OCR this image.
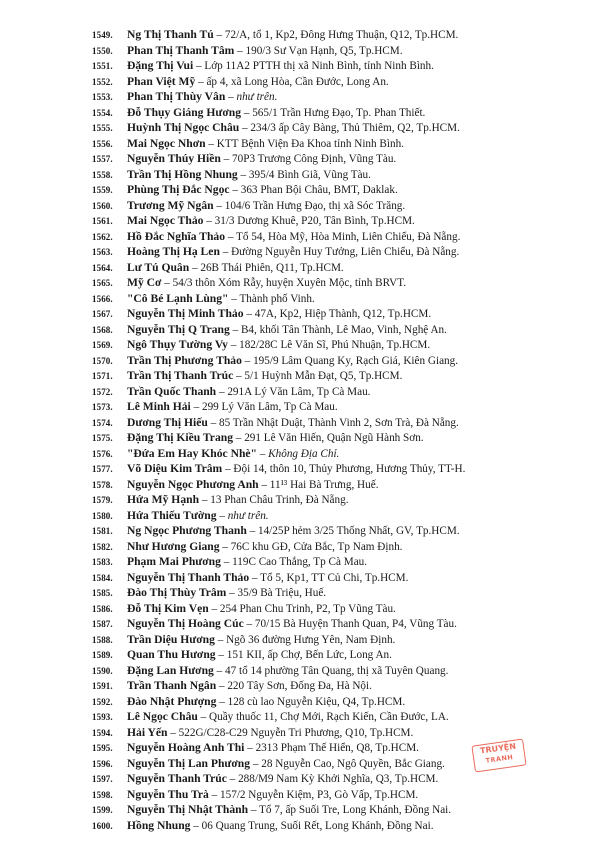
1549.	Ng Thị Thanh Tú – 72/A, tổ 1, Kp2, Đông Hưng Thuận, Q12, Tp.HCM.
1550.	Phan Thị Thanh Tâm – 190/3 Sư Vạn Hạnh, Q5, Tp.HCM.
1551.	Đặng Thị Vui – Lớp 11A2 PTTH thị xã Ninh Bình, tỉnh Ninh Bình.
1552.	Phan Việt Mỹ – ấp 4, xã Long Hòa, Cần Đước, Long An.
1553.	Phan Thị Thùy Vân – như trên.
1554.	Đỗ Thụy Giáng Hương – 565/1 Trần Hưng Đạo, Tp. Phan Thiết.
1555.	Huỳnh Thị Ngọc Châu – 234/3 ấp Cây Bàng, Thủ Thiêm, Q2, Tp.HCM.
1556.	Mai Ngọc Nhơn – KTT Bệnh Viện Đa Khoa tỉnh Ninh Bình.
1557.	Nguyễn Thúy Hiền – 70P3 Trương Công Định, Vũng Tàu.
1558.	Trần Thị Hồng Nhung – 395/4 Bình Giã, Vũng Tàu.
1559.	Phùng Thị Đắc Ngọc – 363 Phan Bội Châu, BMT, Daklak.
1560.	Trương Mỹ Ngân – 104/6 Trần Hưng Đạo, thị xã Sóc Trăng.
1561.	Mai Ngọc Thảo – 31/3 Dương Khuê, P20, Tân Bình, Tp.HCM.
1562.	Hồ Đắc Nghĩa Thảo – Tổ 54, Hòa Mỹ, Hòa Minh, Liên Chiểu, Đà Nẵng.
1563.	Hoàng Thị Hạ Len – Đường Nguyễn Huy Tưởng, Liên Chiểu, Đà Nẵng.
1564.	Lư Tú Quân – 26B Thái Phiên, Q11, Tp.HCM.
1565.	Mỹ Cơ – 54/3 thôn Xóm Rẫy, huyện Xuyên Mộc, tỉnh BRVT.
1566.	"Cô Bé Lạnh Lùng" – Thành phố Vinh.
1567.	Nguyễn Thị Minh Thảo – 47A, Kp2, Hiệp Thành, Q12, Tp.HCM.
1568.	Nguyễn Thị Q Trang – B4, khối Tân Thành, Lê Mao, Vinh, Nghệ An.
1569.	Ngô Thụy Tường Vy – 182/28C Lê Văn Sĩ, Phú Nhuận, Tp.HCM.
1570.	Trần Thị Phương Thảo – 195/9 Lâm Quang Ky, Rạch Giá, Kiên Giang.
1571.	Trần Thị Thanh Trúc – 5/1 Huỳnh Mẫn Đạt, Q5, Tp.HCM.
1572.	Trần Quốc Thanh – 291A Lý Văn Lâm, Tp Cà Mau.
1573.	Lê Minh Hải – 299 Lý Văn Lâm, Tp Cà Mau.
1574.	Dương Thị Hiếu – 85 Trần Nhật Duật, Thành Vinh 2, Sơn Trà, Đà Nẵng.
1575.	Đặng Thị Kiều Trang – 291 Lê Văn Hiến, Quận Ngũ Hành Sơn.
1576.	"Đứa Em Hay Khóc Nhè" – Không Địa Chỉ.
1577.	Võ Diệu Kim Trâm – Đội 14, thôn 10, Thủy Phương, Hương Thủy, TT-H.
1578.	Nguyễn Ngọc Phương Anh – 11¹³ Hai Bà Trưng, Huế.
1579.	Hứa Mỹ Hạnh – 13 Phan Châu Trinh, Đà Nẵng.
1580.	Hứa Thiếu Tường – như trên.
1581.	Ng Ngọc Phương Thanh – 14/25P hẻm 3/25 Thống Nhất, GV, Tp.HCM.
1582.	Như Hương Giang – 76C khu GĐ, Cửa Bắc, Tp Nam Định.
1583.	Phạm Mai Phương – 119C Cao Thắng, Tp Cà Mau.
1584.	Nguyễn Thị Thanh Thảo – Tổ 5, Kp1, TT Củ Chi, Tp.HCM.
1585.	Đào Thị Thùy Trâm – 35/9 Bà Triệu, Huế.
1586.	Đỗ Thị Kim Vẹn – 254 Phan Chu Trinh, P2, Tp Vũng Tàu.
1587.	Nguyễn Thị Hoàng Cúc – 70/15 Bà Huyện Thanh Quan, P4, Vũng Tàu.
1588.	Trần Diệu Hương – Ngõ 36 đường Hưng Yên, Nam Định.
1589.	Quan Thu Hương – 151 KII, ấp Chợ, Bến Lức, Long An.
1590.	Đặng Lan Hương – 47 tổ 14 phường Tân Quang, thị xã Tuyên Quang.
1591.	Trần Thanh Ngân – 220 Tây Sơn, Đống Đa, Hà Nội.
1592.	Đào Nhật Phượng – 128 cù lao Nguyễn Kiệu, Q4, Tp.HCM.
1593.	Lê Ngọc Châu – Quầy thuốc 11, Chợ Mới, Rạch Kiến, Cần Đước, LA.
1594.	Hải Yến – 522G/C28-C29 Nguyễn Tri Phương, Q10, Tp.HCM.
1595.	Nguyễn Hoàng Anh Thi – 2313 Phạm Thế Hiển, Q8, Tp.HCM.
1596.	Nguyễn Thị Lan Phương – 28 Nguyễn Cao, Ngô Quyền, Bắc Giang.
1597.	Nguyễn Thanh Trúc – 288/M9 Nam Kỳ Khởi Nghĩa, Q3, Tp.HCM.
1598.	Nguyễn Thu Trà – 157/2 Nguyễn Kiệm, P3, Gò Vấp, Tp.HCM.
1599.	Nguyễn Thị Nhật Thành – Tổ 7, ấp Suối Tre, Long Khánh, Đồng Nai.
1600.	Hồng Nhung – 06 Quang Trung, Suối Rết, Long Khánh, Đồng Nai.
TRUYỆN
TRANH
